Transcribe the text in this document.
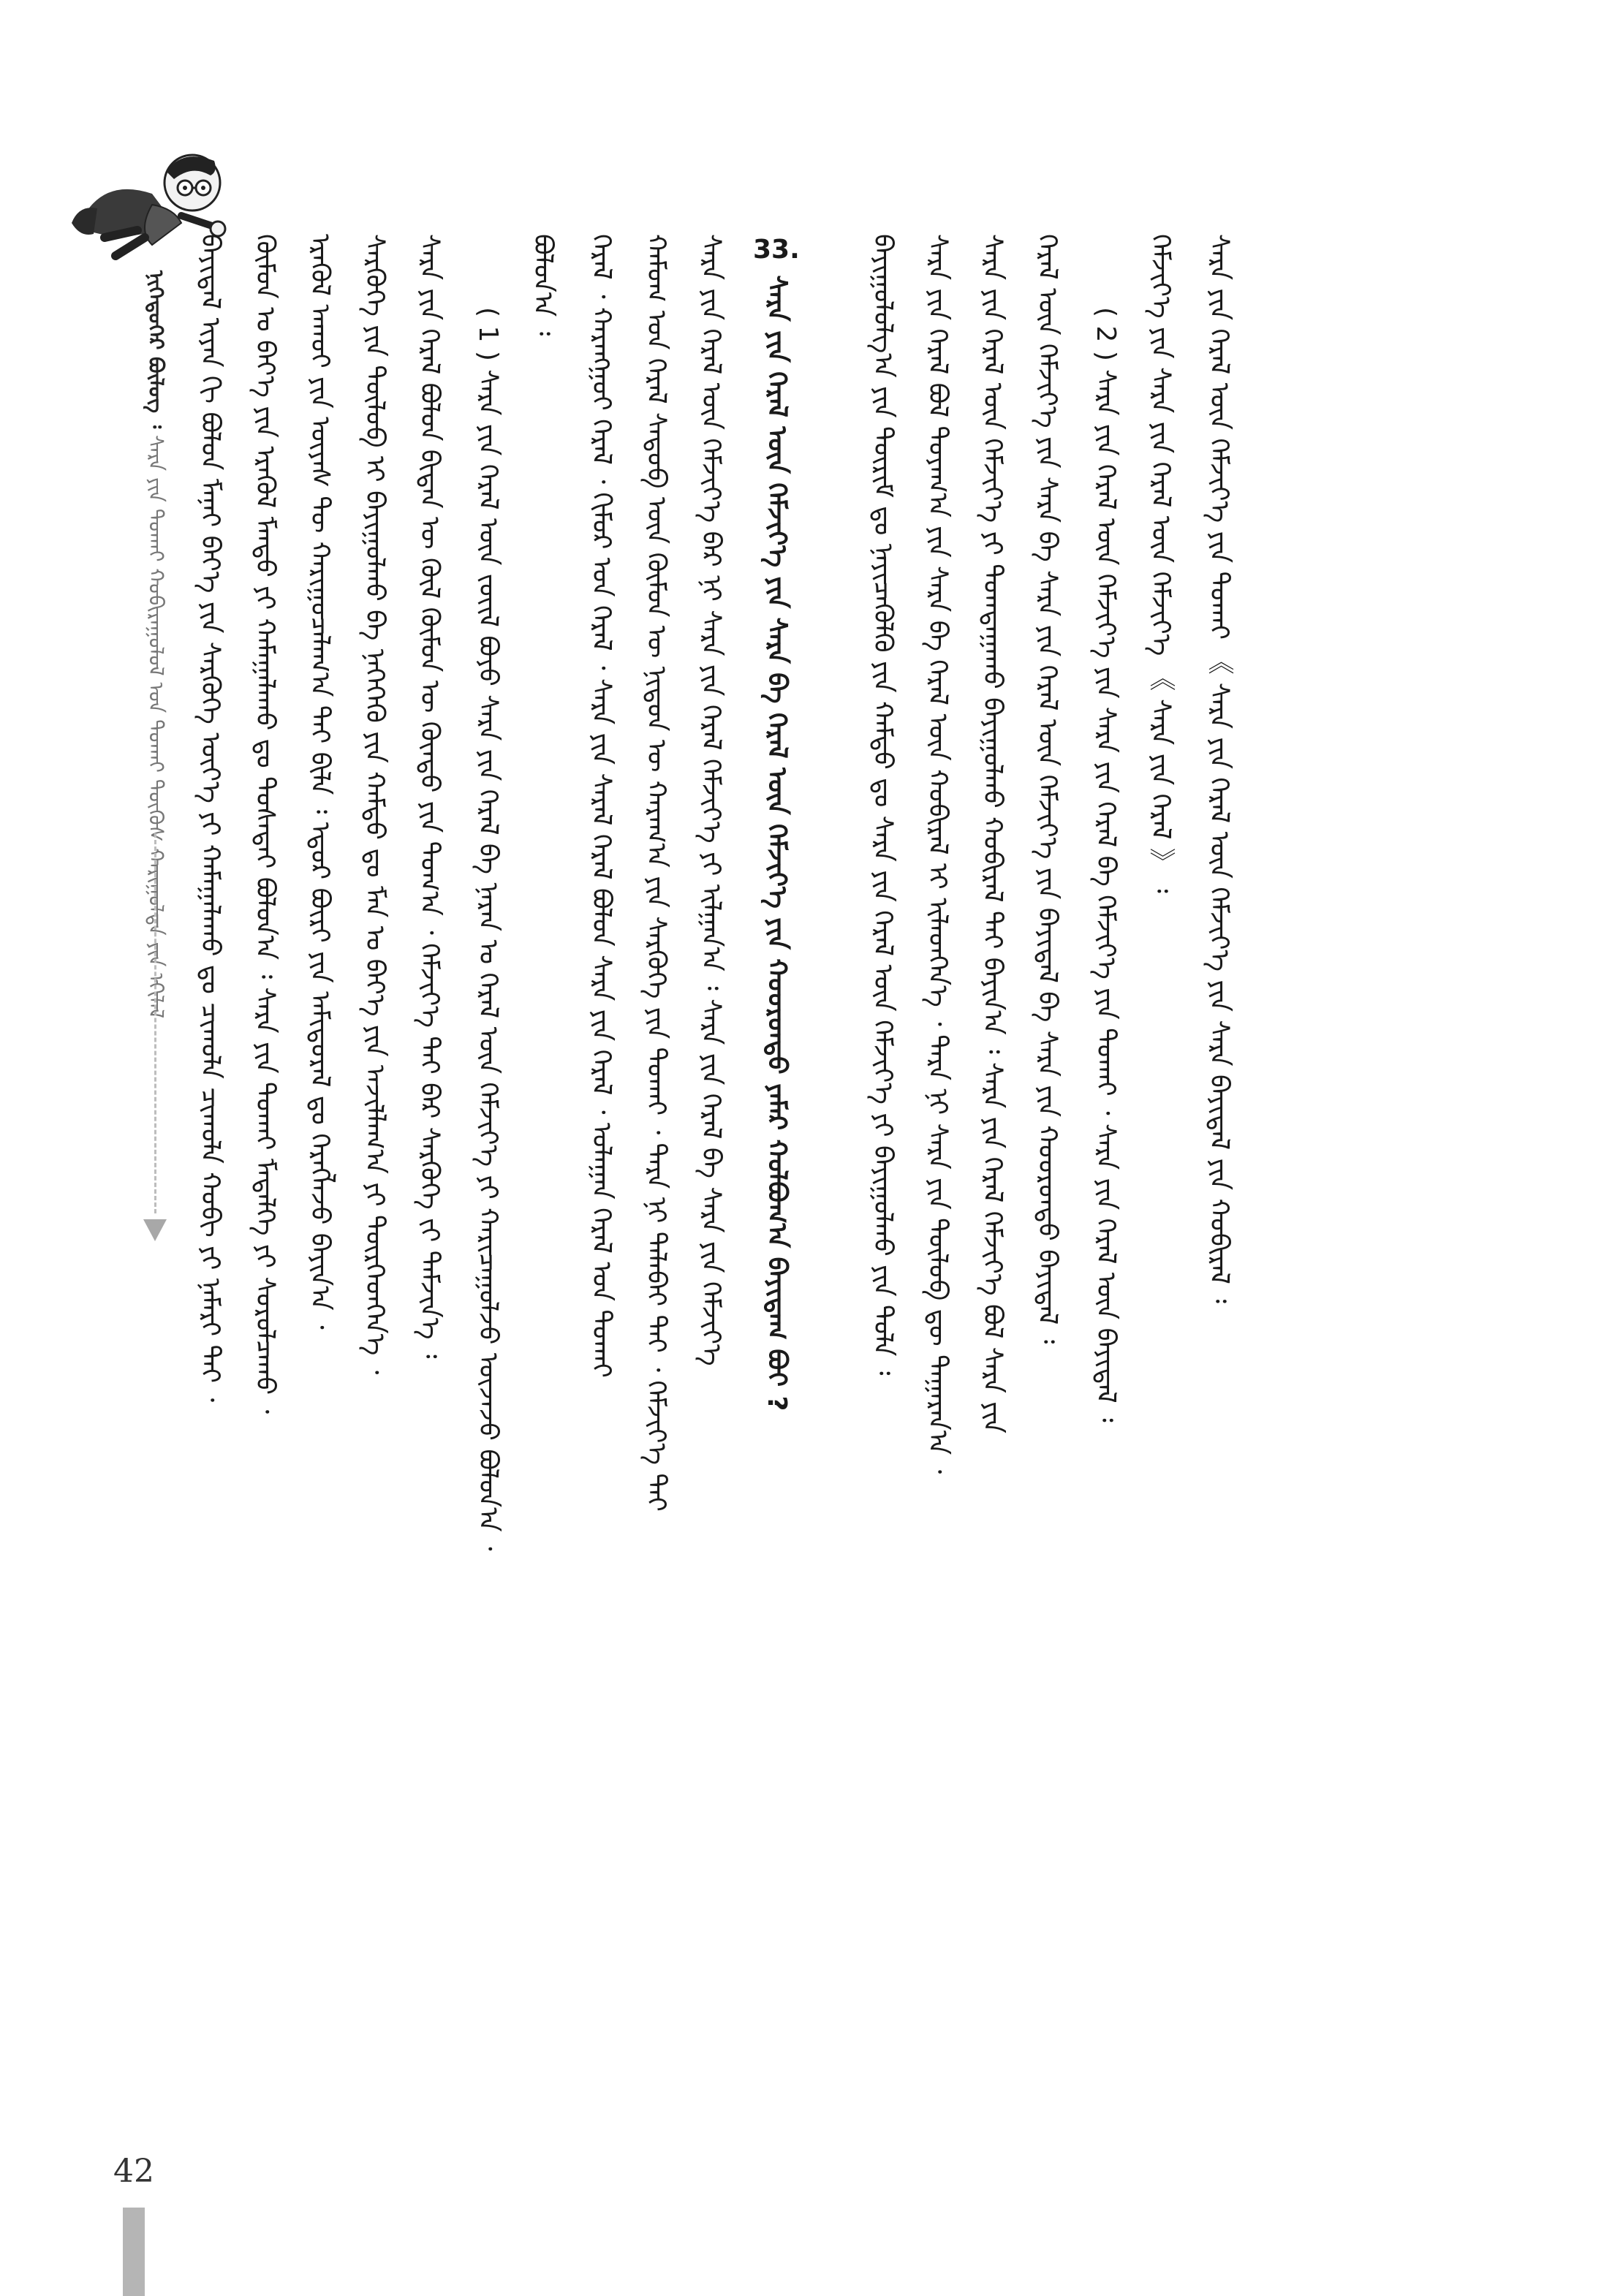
ᠨᠢᠭᠡᠳᠦᠭᠡᠷ ᠪᠦᠯᠦᠭ ᠄ ᠰᠠᠷᠠ ᠶᠢᠨ ᠲᠤᠬᠠᠢ ᠬᠤᠪᠢᠷᠠᠭᠤᠯᠤᠯ ᠤᠨ ᠲᠤᠬᠠᠢ ᠲᠦᠭᠦᠰ ᠬᠠᠷᠢᠭᠤᠯᠲᠠ ᠶᠢᠨ ᠡᠬᠢᠯᠡᠯ ᠪᠠᠶᠢᠳᠠᠯ ᠢᠶᠡᠨ ᠬᠢ ᠪᠤᠯᠤᠨ ᠮᠠᠨᠠᠢ ᠪᠡᠶ᠎ᠡ ᠶᠢᠨ ᠰᠡᠷᠭᠦᠭᠡ ᠦᠶ᠎ᠡ ᠶᠢ ᠬᠠᠮᠠᠭᠠᠯᠠᠬᠤ ᠳᠤ ᠴᠢᠬᠤᠯᠠ ᠴᠢᠬᠤᠯᠠ ᠬᠤᠪᠢ ᠶᠢ ᠨᠡᠮᠡᠷᠢ ᠲᠠᠢ ᠂ ᠬᠦᠮᠦᠨ ᠤ ᠪᠡᠶ᠎ᠡ ᠶᠢᠨ ᠡᠷᠡᠭᠦᠯ ᠮᠡᠨᠳᠦ ᠶᠢ ᠬᠠᠮᠠᠭᠠᠯᠠᠬᠤ ᠳᠤ ᠲᠤᠰᠠᠲᠠᠢ ᠪᠤᠯᠤᠨ᠎ᠠ ᠄ ᠰᠠᠷᠠ ᠶᠢᠨ ᠲᠤᠬᠠᠢ ᠮᠡᠳᠡᠯᠭᠡ ᠶᠢ ᠰᠤᠷᠤᠯᠴᠠᠬᠤ ᠂ ᠡᠷᠡᠭᠦᠯ ᠠᠬᠤᠢ ᠶᠢᠨ ᠦᠶᠡᠰ ᠲᠦ ᠬᠠᠷᠢᠭᠤᠴᠠᠯᠠᠭ᠎ᠠ ᠲᠠᠢ ᠪᠢᠯᠡ ᠄ ᠡᠳᠦᠷ ᠪᠦᠷᠢ ᠶᠢᠨ ᠠᠮᠢᠳᠤᠷᠠᠯ ᠳᠤ ᠬᠡᠷᠡᠭᠯᠡᠵᠦ ᠪᠠᠶᠢᠨ᠎ᠠ ᠂ ᠰᠡᠷᠭᠦᠭᠡ ᠶᠢᠨ ᠲᠦᠯᠦᠪ ᠢ ᠪᠠᠶᠢᠭᠤᠯᠬᠤ ᠪᠠ ᠨᠡᠭᠡᠭᠡᠬᠦ ᠶᠢᠨ ᠬᠠᠮᠲᠤ ᠳᠤ ᠮᠠᠨ ᠤ ᠪᠡᠶ᠎ᠡ ᠶᠢᠨ ᠠᠵᠢᠯᠯᠠᠭ᠎ᠠ ᠶᠢ ᠲᠦᠷᠭᠡᠳᠭᠡᠨ᠎ᠡ ᠂ ᠰᠠᠷᠠ ᠶᠢᠨ ᠭᠡᠷᠡᠯ ᠪᠤᠯᠤᠨ ᠪᠢᠳᠡᠨ ᠦ ᠬᠦᠯ ᠬᠦᠮᠦᠨ ᠦ ᠬᠦᠨᠳᠦ ᠶᠢᠨ ᠲᠣᠭ᠎ᠠ ᠂ ᠬᠡᠮᠵᠢᠶ᠎ᠡ ᠲᠠᠢ ᠪᠠᠷ ᠰᠡᠷᠭᠦᠭᠡ ᠵᠢ ᠳᠡᠮᠵᠢᠨ᠎ᠡ ᠄ ( 1 ) ᠰᠠᠷᠠ ᠶᠢᠨ ᠭᠡᠷᠡᠯ ᠦᠨ ᠵᠦᠢᠯ ᠪᠤᠶᠤ ᠰᠠᠷᠠ ᠶᠢᠨ ᠭᠡᠷᠡᠯ ᠪᠠ ᠨᠠᠷᠠᠨ ᠤ ᠭᠡᠷᠡᠯ ᠦᠨ ᠬᠡᠮᠵᠢᠶ᠎ᠡ ᠶᠢ ᠬᠠᠷᠢᠴᠠᠭᠤᠯᠵᠤ ᠦᠵᠡᠵᠦ ᠪᠣᠯᠤᠨ᠎ᠠ ᠂
ᠪᠣᠯᠤᠨ᠎ᠠ ᠄ ᠭᠡᠷᠡᠯ ᠂ ᠬᠠᠷᠠᠩᠭᠤᠢ ᠭᠡᠷᠡᠯ ᠂ ᠬᠢᠮᠤᠷ ᠤᠨ ᠭᠡᠷᠡᠯ ᠂ ᠰᠠᠷᠠ ᠶᠢᠨ ᠰᠠᠷᠠᠯ ᠭᠡᠷᠡᠯ ᠪᠣᠯᠤᠨ ᠰᠠᠷᠠ ᠶᠢᠨ ᠭᠡᠷᠡᠯ ᠂ ᠤᠯᠠᠭᠠᠨ ᠭᠡᠷᠡᠯ ᠤᠨ ᠲᠤᠬᠠᠢ ᠬᠠᠮᠤᠭ ᠤᠨ ᠭᠡᠷᠡᠯ ᠰᠡᠳᠦᠪ ᠦᠨ ᠬᠦᠮᠦᠨ ᠦ ᠨᠢᠳᠦᠨ ᠦ ᠬᠠᠷᠠᠭ᠎ᠠ ᠶᠢᠨ ᠰᠡᠷᠭᠦᠭᠡ ᠶᠢᠨ ᠲᠤᠬᠠᠢ ᠂ ᠲᠡᠷᠡ ᠨᠢ ᠲᠠᠯᠠᠪᠠᠢ ᠲᠠᠢ ᠂ ᠬᠡᠮᠵᠢᠶ᠎ᠡ ᠲᠠᠢ ᠰᠠᠷᠠ ᠶᠢᠨ ᠭᠡᠷᠡᠯ ᠦᠨ ᠬᠡᠮᠵᠢᠶ᠎ᠡ ᠪᠡᠷ ᠨᠢ ᠰᠠᠷᠠ ᠶᠢᠨ ᠭᠡᠷᠡᠯ ᠬᠡᠮᠵᠢᠶ᠎ᠡ ᠶᠢ ᠢᠯᠭᠠᠨ᠎ᠠ ᠄ ᠰᠠᠷᠠ ᠶᠢᠨ ᠭᠡᠷᠡᠯ ᠪᠠ ᠰᠠᠷᠠ ᠶᠢᠨ ᠬᠡᠮᠵᠢᠶ᠎ᠡ 33. ᠰᠠᠷᠠ ᠶᠢᠨ ᠭᠡᠷᠡᠯ ᠦᠨ ᠬᠡᠮᠵᠢᠶ᠎ᠡ ᠶᠢᠨ ᠰᠠᠷᠠ ᠪᠠ ᠭᠡᠷᠡᠯ ᠦᠨ ᠬᠡᠮᠵᠢᠶ᠎ᠡ ᠶᠢᠨ ᠬᠣᠣᠷᠣᠨᠳᠤ ᠶᠠᠮᠠᠷ ᠬᠣᠯᠪᠣᠭ᠎ᠠ ᠪᠠᠶᠢᠳᠠᠭ ᠪᠤᠢ ?	ᠪᠠᠶᠢᠭᠤᠯᠤᠯᠭ᠎ᠠ ᠶᠢᠨ ᠳᠦᠷᠢᠮ ᠳᠤ ᠨᠡᠶᠢᠴᠡᠭᠦᠯᠬᠦ ᠶᠢᠨ ᠬᠠᠮᠲᠤ ᠳᠤ ᠰᠠᠷᠠ ᠶᠢᠨ ᠭᠡᠷᠡᠯ ᠦᠨ ᠬᠡᠮᠵᠢᠶ᠎ᠡ ᠶᠢ ᠪᠠᠶᠢᠭᠤᠯᠬᠤ ᠶᠢᠨ ᠲᠤᠯᠠ ᠄ ᠰᠠᠷᠠ ᠶᠢᠨ ᠭᠡᠷᠡᠯ ᠪᠣᠯ ᠲᠤᠶᠠᠭ᠎ᠠ ᠶᠢᠨ ᠰᠠᠷᠠ ᠪᠠ ᠭᠡᠷᠡᠯ ᠦᠨ ᠬᠤᠪᠢᠷᠠᠯ ᠢ ᠢᠯᠡᠳᠭᠡᠨ᠎ᠡ ᠂ ᠲᠡᠷᠡ ᠨᠢ ᠰᠠᠷᠠ ᠶᠢᠨ ᠲᠦᠯᠦᠪ ᠳᠦ ᠲᠠᠭᠠᠷᠠᠨ᠎ᠠ ᠂ ᠰᠠᠷᠠ ᠶᠢᠨ ᠭᠡᠷᠡᠯ ᠦᠨ ᠬᠡᠮᠵᠢᠶ᠎ᠡ ᠶᠢ ᠲᠣᠭᠲᠠᠭᠠᠬᠤ ᠪᠠᠶᠢᠭᠤᠯᠬᠤ ᠬᠤᠪᠢᠷᠠᠯ ᠲᠠᠢ ᠪᠠᠶᠢᠨ᠎ᠠ ᠄ ᠰᠠᠷᠠ ᠶᠢᠨ ᠭᠡᠷᠡᠯ ᠬᠡᠮᠵᠢᠶ᠎ᠡ ᠪᠣᠯ ᠰᠠᠷᠠ ᠶᠢᠨ ᠭᠡᠷᠡᠯ ᠦᠨ ᠬᠡᠮᠵᠢᠶ᠎ᠡ ᠶᠢᠨ ᠰᠠᠷᠠ ᠪᠠ ᠰᠠᠷᠠ ᠶᠢᠨ ᠭᠡᠷᠡᠯ ᠦᠨ ᠬᠡᠮᠵᠢᠶ᠎ᠡ ᠶᠢᠨ ᠪᠠᠶᠢᠳᠠᠯ ᠪᠠ ᠰᠠᠷᠠ ᠶᠢᠨ ᠬᠣᠣᠷᠣᠨᠳᠤ ᠪᠠᠶᠢᠳᠠᠯ ᠄ ( 2 ) ᠰᠠᠷᠠ ᠶᠢᠨ ᠭᠡᠷᠡᠯ ᠦᠨ ᠬᠡᠮᠵᠢᠶ᠎ᠡ ᠶᠢᠨ ᠰᠠᠷᠠ ᠶᠢᠨ ᠭᠡᠷᠡᠯ ᠪᠠ ᠬᠡᠮᠵᠢᠶ᠎ᠡ ᠶᠢᠨ ᠲᠤᠬᠠᠢ ᠂ ᠰᠠᠷᠠ ᠶᠢᠨ ᠭᠡᠷᠡᠯ ᠦᠨ ᠪᠠᠶᠢᠳᠠᠯ ᠄ ᠬᠡᠮᠵᠢᠶ᠎ᠡ ᠶᠢᠨ ᠰᠠᠷᠠ ᠶᠢᠨ ᠭᠡᠷᠡᠯ ᠦᠨ ᠬᠡᠮᠵᠢᠶ᠎ᠡ 《 ᠰᠠᠷᠠ ᠶᠢᠨ ᠭᠡᠷᠡᠯ 》 ᠄ ᠰᠠᠷᠠ ᠶᠢᠨ ᠭᠡᠷᠡᠯ ᠦᠨ ᠬᠡᠮᠵᠢᠶ᠎ᠡ ᠶᠢᠨ ᠲᠤᠬᠠᠢ 《 ᠰᠠᠷᠠ ᠶᠢᠨ ᠭᠡᠷᠡᠯ ᠦᠨ ᠬᠡᠮᠵᠢᠶ᠎ᠡ ᠶᠢᠨ ᠰᠠᠷᠠ ᠪᠠᠶᠢᠳᠠᠯ ᠶᠢᠨ ᠬᠤᠪᠢᠷᠠᠯ ᠄
42
